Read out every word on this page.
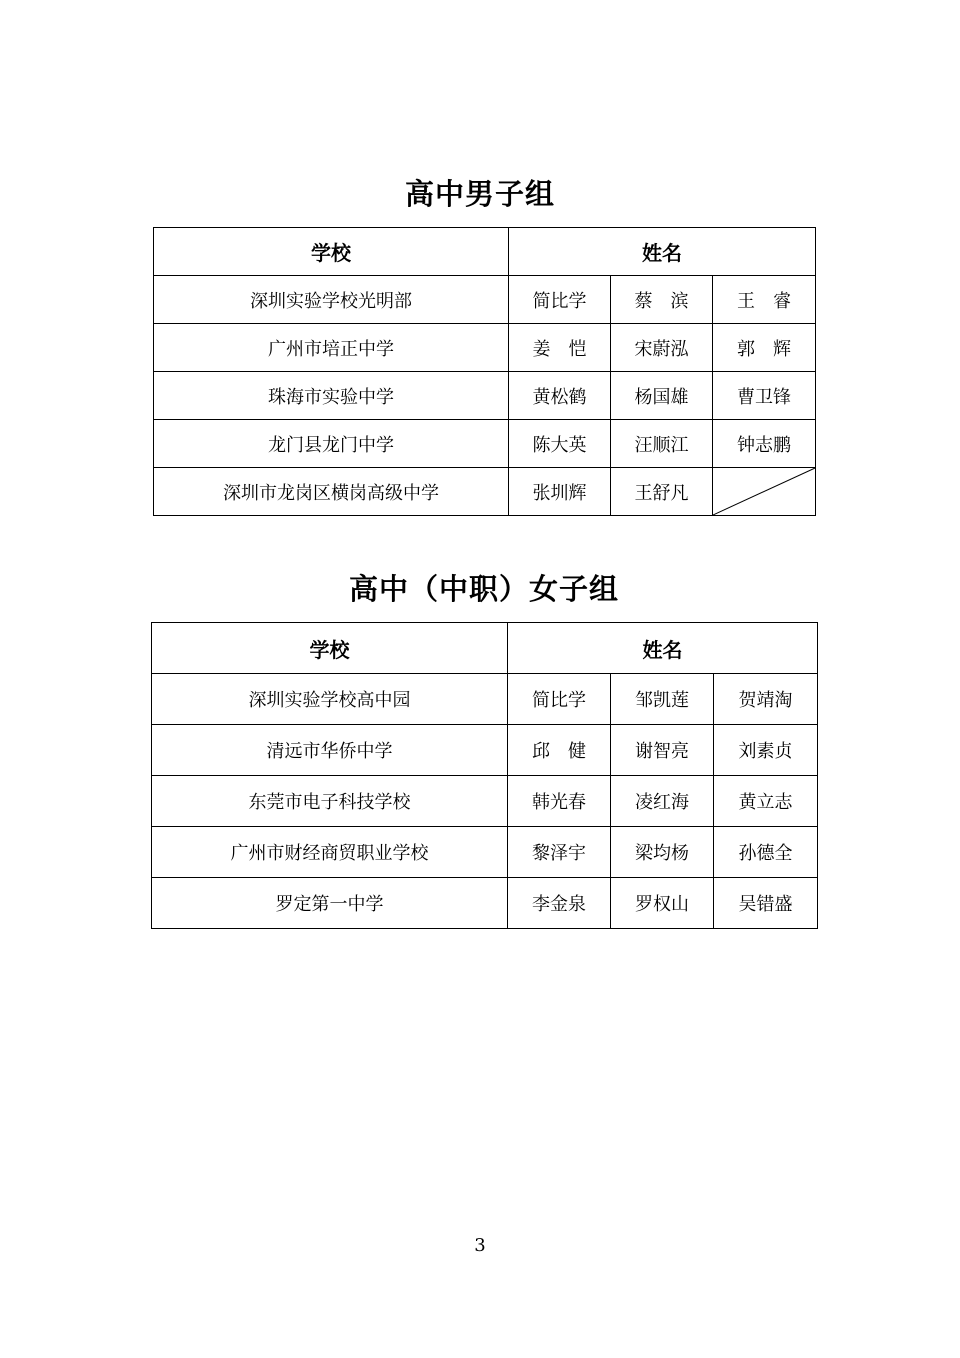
高中男子组
学校	姓名		
深圳实验学校光明部	简比学	蔡　滨	王　睿
广州市培正中学	姜　恺	宋蔚泓	郭　辉
珠海市实验中学	黄松鹤	杨国雄	曹卫锋
龙门县龙门中学	陈大英	汪顺江	钟志鹏
深圳市龙岗区横岗高级中学	张圳辉	王舒凡	
高中（中职）女子组
学校	姓名		
深圳实验学校高中园	简比学	邹凯莲	贺靖淘
清远市华侨中学	邱　健	谢智亮	刘素贞
东莞市电子科技学校	韩光春	凌红海	黄立志
广州市财经商贸职业学校	黎泽宇	梁均杨	孙德全
罗定第一中学	李金泉	罗权山	吴错盛
3
